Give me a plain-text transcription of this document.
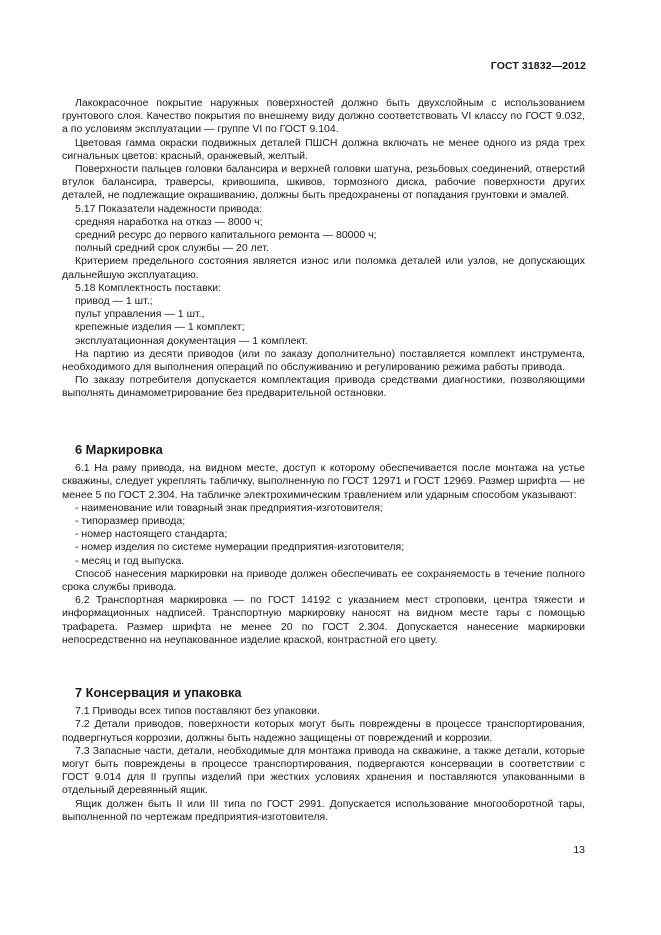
ГОСТ 31832—2012

Лакокрасочное покрытие наружных поверхностей должно быть двухслойным с использованием грунтового слоя. Качество покрытия по внешнему виду должно соответствовать VI классу по ГОСТ 9.032, а по условиям эксплуатации — группе VI по ГОСТ 9.104.

Цветовая гамма окраски подвижных деталей ПШСН должна включать не менее одного из ряда трех сигнальных цветов: красный, оранжевый, желтый.

Поверхности пальцев головки балансира и верхней головки шатуна, резьбовых соединений, отверстий втулок балансира, траверсы, кривошипа, шкивов, тормозного диска, рабочие поверхности других деталей, не подлежащие окрашиванию, должны быть предохранены от попадания грунтовки и эмалей.

5.17 Показатели надежности привода:

средняя наработка на отказ — 8000 ч;

средний ресурс до первого капитального ремонта — 80000 ч;

полный средний срок службы — 20 лет.

Критерием предельного состояния является износ или поломка деталей или узлов, не допускающих дальнейшую эксплуатацию.

5.18 Комплектность поставки:

привод — 1 шт.;

пульт управления — 1 шт.,

крепежные изделия — 1 комплект;

эксплуатационная документация — 1 комплект.

На партию из десяти приводов (или по заказу дополнительно) поставляется комплект инструмента, необходимого для выполнения операций по обслуживанию и регулированию режима работы привода.

По заказу потребителя допускается комплектация привода средствами диагностики, позволяющими выполнять динамометрирование без предварительной остановки.

6 Маркировка

6.1 На раму привода, на видном месте, доступ к которому обеспечивается после монтажа на устье скважины, следует укреплять табличку, выполненную по ГОСТ 12971 и ГОСТ 12969. Размер шрифта — не менее 5 по ГОСТ 2.304. На табличке электрохимическим травлением или ударным способом указывают:

- наименование или товарный знак предприятия-изготовителя;

- типоразмер привода;

- номер настоящего стандарта;

- номер изделия по системе нумерации предприятия-изготовителя;

- месяц и год выпуска.

Способ нанесения маркировки на приводе должен обеспечивать ее сохраняемость в течение полного срока службы привода.

6.2 Транспортная маркировка — по ГОСТ 14192 с указанием мест строповки, центра тяжести и информационных надписей. Транспортную маркировку наносят на видном месте тары с помощью трафарета. Размер шрифта не менее 20 по ГОСТ 2.304. Допускается нанесение маркировки непосредственно на неупакованное изделие краской, контрастной его цвету.

7 Консервация и упаковка

7.1 Приводы всех типов поставляют без упаковки.

7.2 Детали приводов, поверхности которых могут быть повреждены в процессе транспортирования, подвергнуться коррозии, должны быть надежно защищены от повреждений и коррозии.

7.3 Запасные части, детали, необходимые для монтажа привода на скважине, а также детали, которые могут быть повреждены в процессе транспортирования, подвергаются консервации в соответствии с ГОСТ 9.014 для II группы изделий при жестких условиях хранения и поставляются упакованными в отдельный деревянный ящик.

Ящик должен быть II или III типа по ГОСТ 2991. Допускается использование многооборотной тары, выполненной по чертежам предприятия-изготовителя.

13
